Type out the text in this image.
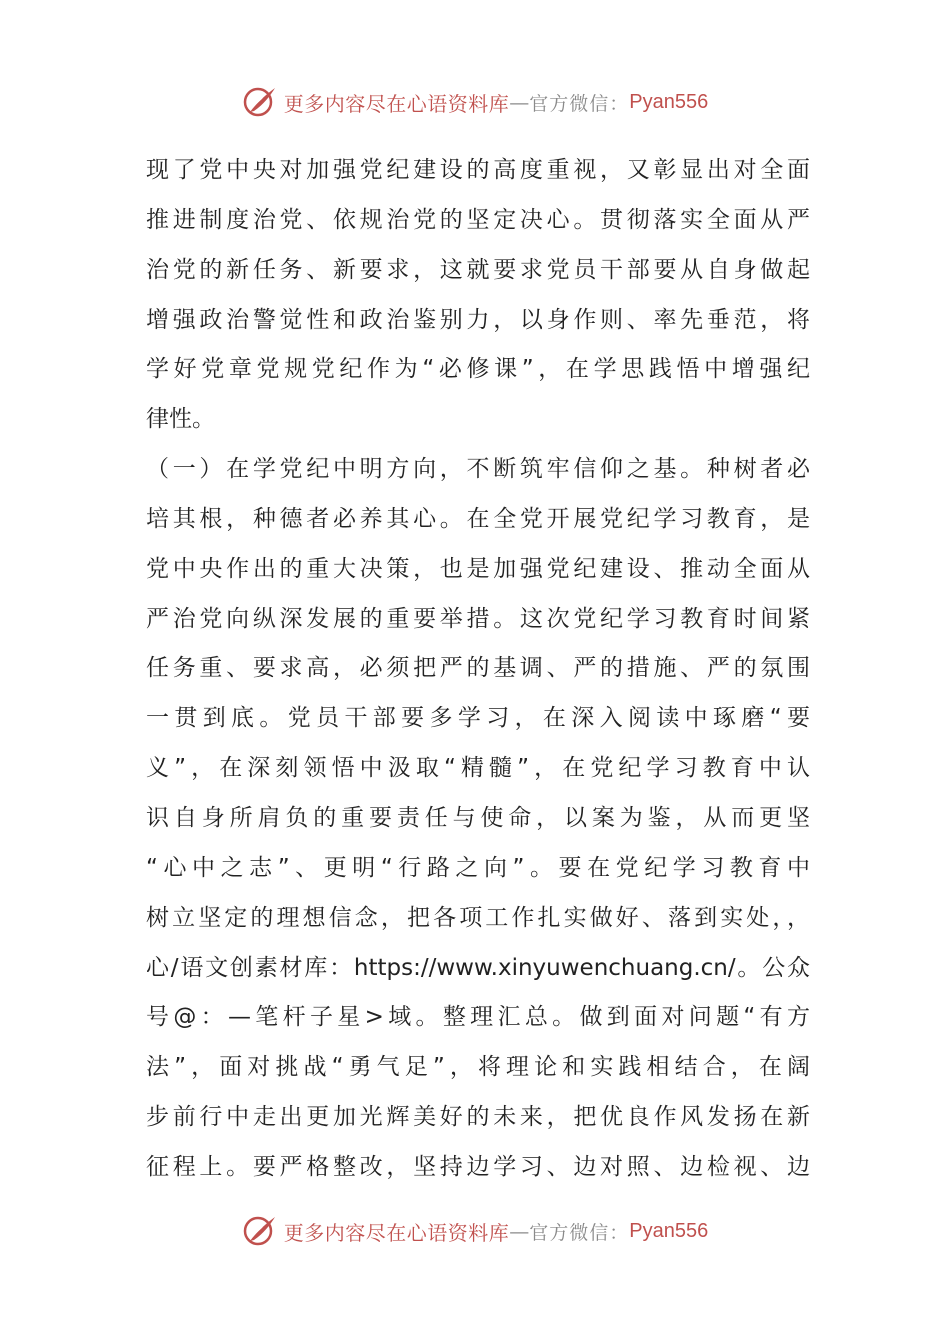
更多内容尽在心语资料库 — 官方微信： Pyan556
现了党中央对加强党纪建设的高度重视，又彰显出对全面
推进制度治党、依规治党的坚定决心。贯彻落实全面从严
治党的新任务、新要求，这就要求党员干部要从自身做起
增强政治警觉性和政治鉴别力，以身作则、率先垂范，将
学好党章党规党纪作为“必修课”，在学思践悟中增强纪
律性。
（一）在学党纪中明方向，不断筑牢信仰之基。种树者必
培其根，种德者必养其心。在全党开展党纪学习教育，是
党中央作出的重大决策，也是加强党纪建设、推动全面从
严治党向纵深发展的重要举措。这次党纪学习教育时间紧
任务重、要求高，必须把严的基调、严的措施、严的氛围
一贯到底。党员干部要多学习，在深入阅读中琢磨“要
义”，在深刻领悟中汲取“精髓”，在党纪学习教育中认
识自身所肩负的重要责任与使命，以案为鉴，从而更坚
“心中之志”、更明“行路之向”。要在党纪学习教育中
树立坚定的理想信念，把各项工作扎实做好、落到实处，，
心/语文创素材库：https://www.xinyuwenchuang.cn/。公众
号@：—笔杆子星>域。整理汇总。做到面对问题“有方
法”，面对挑战“勇气足”，将理论和实践相结合，在阔
步前行中走出更加光辉美好的未来，把优良作风发扬在新
征程上。要严格整改，坚持边学习、边对照、边检视、边
更多内容尽在心语资料库 — 官方微信： Pyan556
